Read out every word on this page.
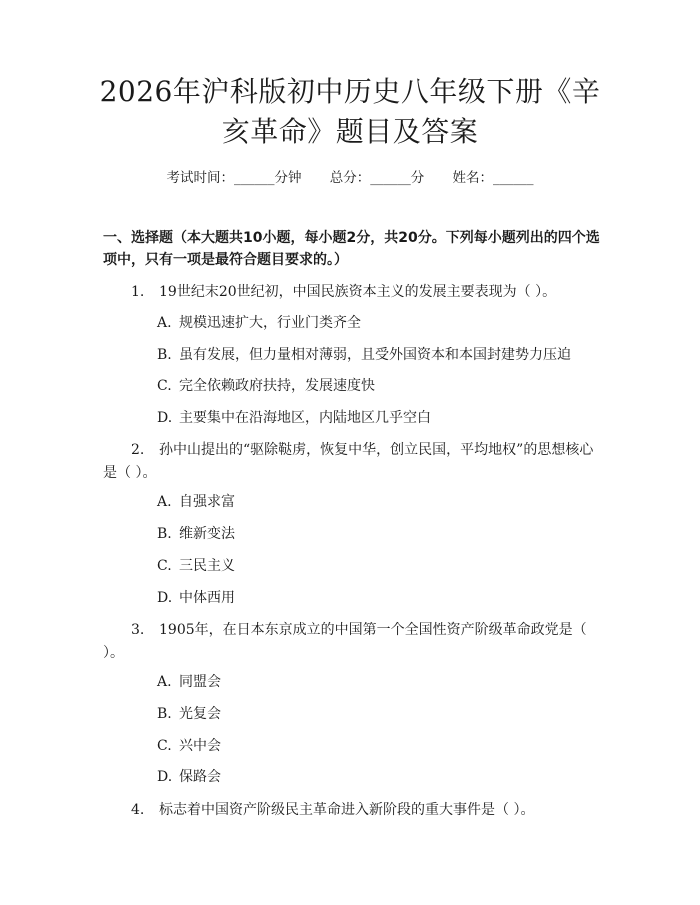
2026年沪科版初中历史八年级下册《辛亥革命》题目及答案
考试时间：______分钟 总分：______分 姓名：______
一、选择题（本大题共10小题，每小题2分，共20分。下列每小题列出的四个选项中，只有一项是最符合题目要求的。）
1. 19世纪末20世纪初，中国民族资本主义的发展主要表现为（ ）。
A. 规模迅速扩大，行业门类齐全
B. 虽有发展，但力量相对薄弱，且受外国资本和本国封建势力压迫
C. 完全依赖政府扶持，发展速度快
D. 主要集中在沿海地区，内陆地区几乎空白
2. 孙中山提出的“驱除鞑虏，恢复中华，创立民国，平均地权”的思想核心是（ ）。
A. 自强求富
B. 维新变法
C. 三民主义
D. 中体西用
3. 1905年，在日本东京成立的中国第一个全国性资产阶级革命政党是（ ）。
A. 同盟会
B. 光复会
C. 兴中会
D. 保路会
4. 标志着中国资产阶级民主革命进入新阶段的重大事件是（ ）。
